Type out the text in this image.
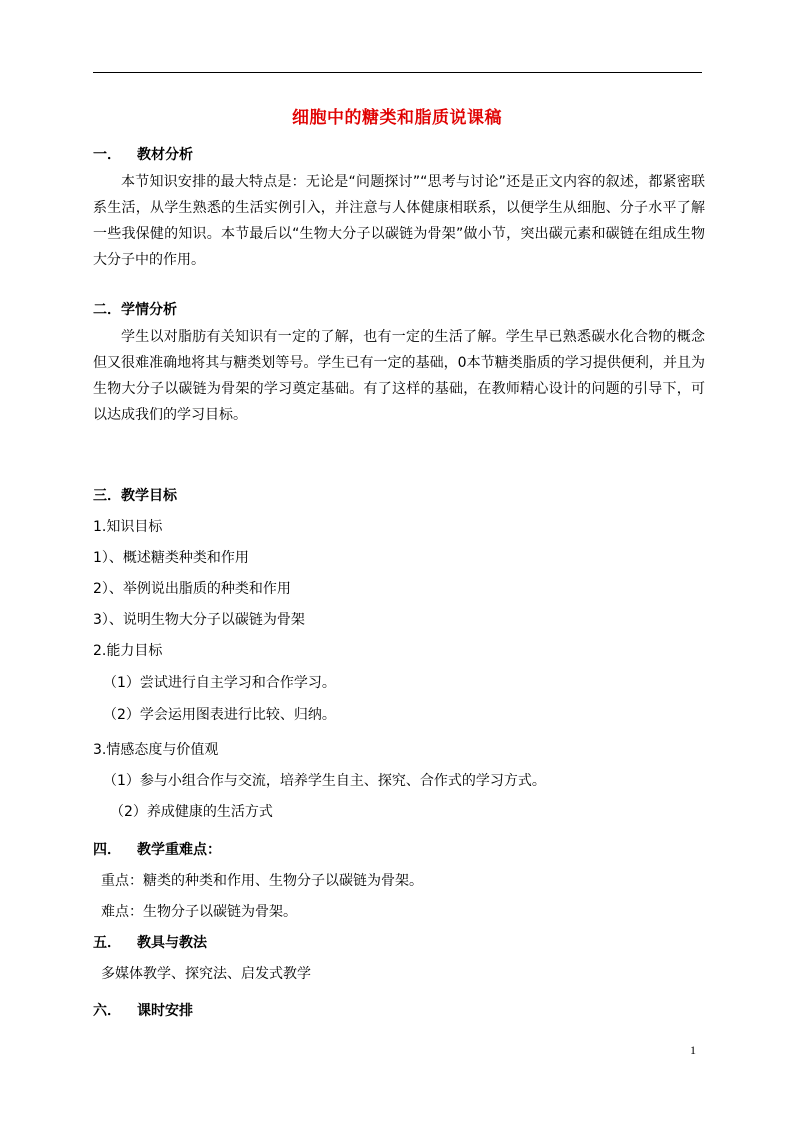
细胞中的糖类和脂质说课稿
一． 教材分析
本节知识安排的最大特点是：无论是“问题探讨”“思考与讨论”还是正文内容的叙述，都紧密联系生活，从学生熟悉的生活实例引入，并注意与人体健康相联系，以便学生从细胞、分子水平了解一些我保健的知识。本节最后以“生物大分子以碳链为骨架”做小节，突出碳元素和碳链在组成生物大分子中的作用。
二．学情分析
学生以对脂肪有关知识有一定的了解，也有一定的生活了解。学生早已熟悉碳水化合物的概念但又很难准确地将其与糖类划等号。学生已有一定的基础，0本节糖类脂质的学习提供便利，并且为生物大分子以碳链为骨架的学习奠定基础。有了这样的基础，在教师精心设计的问题的引导下，可以达成我们的学习目标。
三．教学目标
1.知识目标
1）、概述糖类种类和作用
2）、举例说出脂质的种类和作用
3）、说明生物大分子以碳链为骨架
2.能力目标
（1）尝试进行自主学习和合作学习。
（2）学会运用图表进行比较、归纳。
3.情感态度与价值观
（1）参与小组合作与交流，培养学生自主、探究、合作式的学习方式。
（2）养成健康的生活方式
四． 教学重难点：
重点：糖类的种类和作用、生物分子以碳链为骨架。
难点：生物分子以碳链为骨架。
五． 教具与教法
多媒体教学、探究法、启发式教学
六． 课时安排
1
